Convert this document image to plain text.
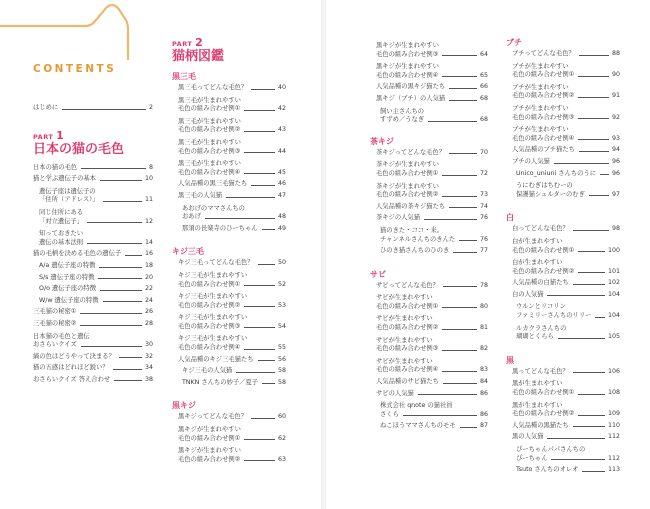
CONTENTS
はじめに	2
PART 1
日本の猫の毛色
日本の猫の毛色	8
猫と学ぶ遺伝子の基本	10
遺伝子座は遺伝子の
「住所（アドレス）」	11
同じ住所にある
「対立遺伝子」	12
知っておきたい
遺伝の基本法則	14
猫の毛柄を決める毛色の遺伝子	16
A/a 遺伝子座の特徴	18
S/s 遺伝子座の特徴	20
O/o 遺伝子座の特徴	22
W/w 遺伝子座の特徴	24
三毛猫の秘密①	26
三毛猫の秘密②	28
日本猫の毛色と遺伝
おさらいクイズ	30
縞の色はどうやって決まる？	32
猫の五感はどれほど鋭い？	34
おさらいクイズ 答え合わせ	38
PART 2
猫柄図鑑
黒三毛
黒三毛ってどんな毛色？	40
黒三毛が生まれやすい
毛色の組み合わせ例①	42
黒三毛が生まれやすい
毛色の組み合わせ例②	43
黒三毛が生まれやすい
毛色の組み合わせ例③	44
黒三毛が生まれやすい
毛色の組み合わせ例④	45
人気品種の黒三毛猫たち	46
黒三毛の人気猫	47
あおげのママさんちの
おあげ	48
那須の長楽寺のひーちゃん	49
キジ三毛
キジ三毛ってどんな毛色？	50
キジ三毛が生まれやすい
毛色の組み合わせ例①	52
キジ三毛が生まれやすい
毛色の組み合わせ例②	53
キジ三毛が生まれやすい
毛色の組み合わせ例③	54
キジ三毛が生まれやすい
毛色の組み合わせ例④	55
人気品種のキジ三毛猫たち	56
キジ三毛の人気猫	58
TNKN さんちの妙子／夏子	58
黒キジ
黒キジってどんな毛色？	60
黒キジが生まれやすい
毛色の組み合わせ例①	62
黒キジが生まれやすい
毛色の組み合わせ例②	63
黒キジが生まれやすい
毛色の組み合わせ例③	64
黒キジが生まれやすい
毛色の組み合わせ例④	65
人気品種の黒キジ猫たち	66
黒キジ（ブチ）の人気猫	68
飼い主さんちの
すずめ／うなぎ	68
茶キジ
茶キジってどんな毛色？	70
茶キジが生まれやすい
毛色の組み合わせ例①	72
茶キジが生まれやすい
毛色の組み合わせ例②	73
人気品種の茶キジ猫たち	74
茶キジの人気猫	76
猫のきた・ココ・来。
チャンネルさんちのきんた	76
ひのき猫さんちのひのき	77
サビ
サビってどんな毛色？	78
サビが生まれやすい
毛色の組み合わせ例①	80
サビが生まれやすい
毛色の組み合わせ例②	81
サビが生まれやすい
毛色の組み合わせ例③	82
サビが生まれやすい
毛色の組み合わせ例④	83
人気品種のサビ猫たち	84
サビの人気猫	86
株式会社 qnote の猫社員
さくら	86
ねこほうママさんちのモモ	87
ブチ
ブチってどんな毛色？	88
ブチが生まれやすい
毛色の組み合わせ例①	90
ブチが生まれやすい
毛色の組み合わせ例②	91
ブチが生まれやすい
毛色の組み合わせ例③	92
ブチが生まれやすい
毛色の組み合わせ例④	93
人気品種のブチ猫たち	94
ブチの人気猫	96
Unico_uniuni さんちのうに	96
うにむぎはちむーの
保護猫シェルターのむぎ	97
白
白ってどんな毛色？	98
白が生まれやすい
毛色の組み合わせ例①	100
白が生まれやすい
毛色の組み合わせ例②	101
人気品種の白猫たち	102
白の人気猫	104
ウルンとリコリン
ファミリーさんちのリリー	104
ルカクラさんちの
瑚瑚とくらら	105
黒
黒ってどんな毛色？	106
黒が生まれやすい
毛色の組み合わせ例①	108
黒が生まれやすい
毛色の組み合わせ例②	109
人気品種の黒猫たち	110
黒の人気猫	112
ぴーちゃんパパさんちの
ぴーちゃん	112
Tsuto さんちのオレオ	113
